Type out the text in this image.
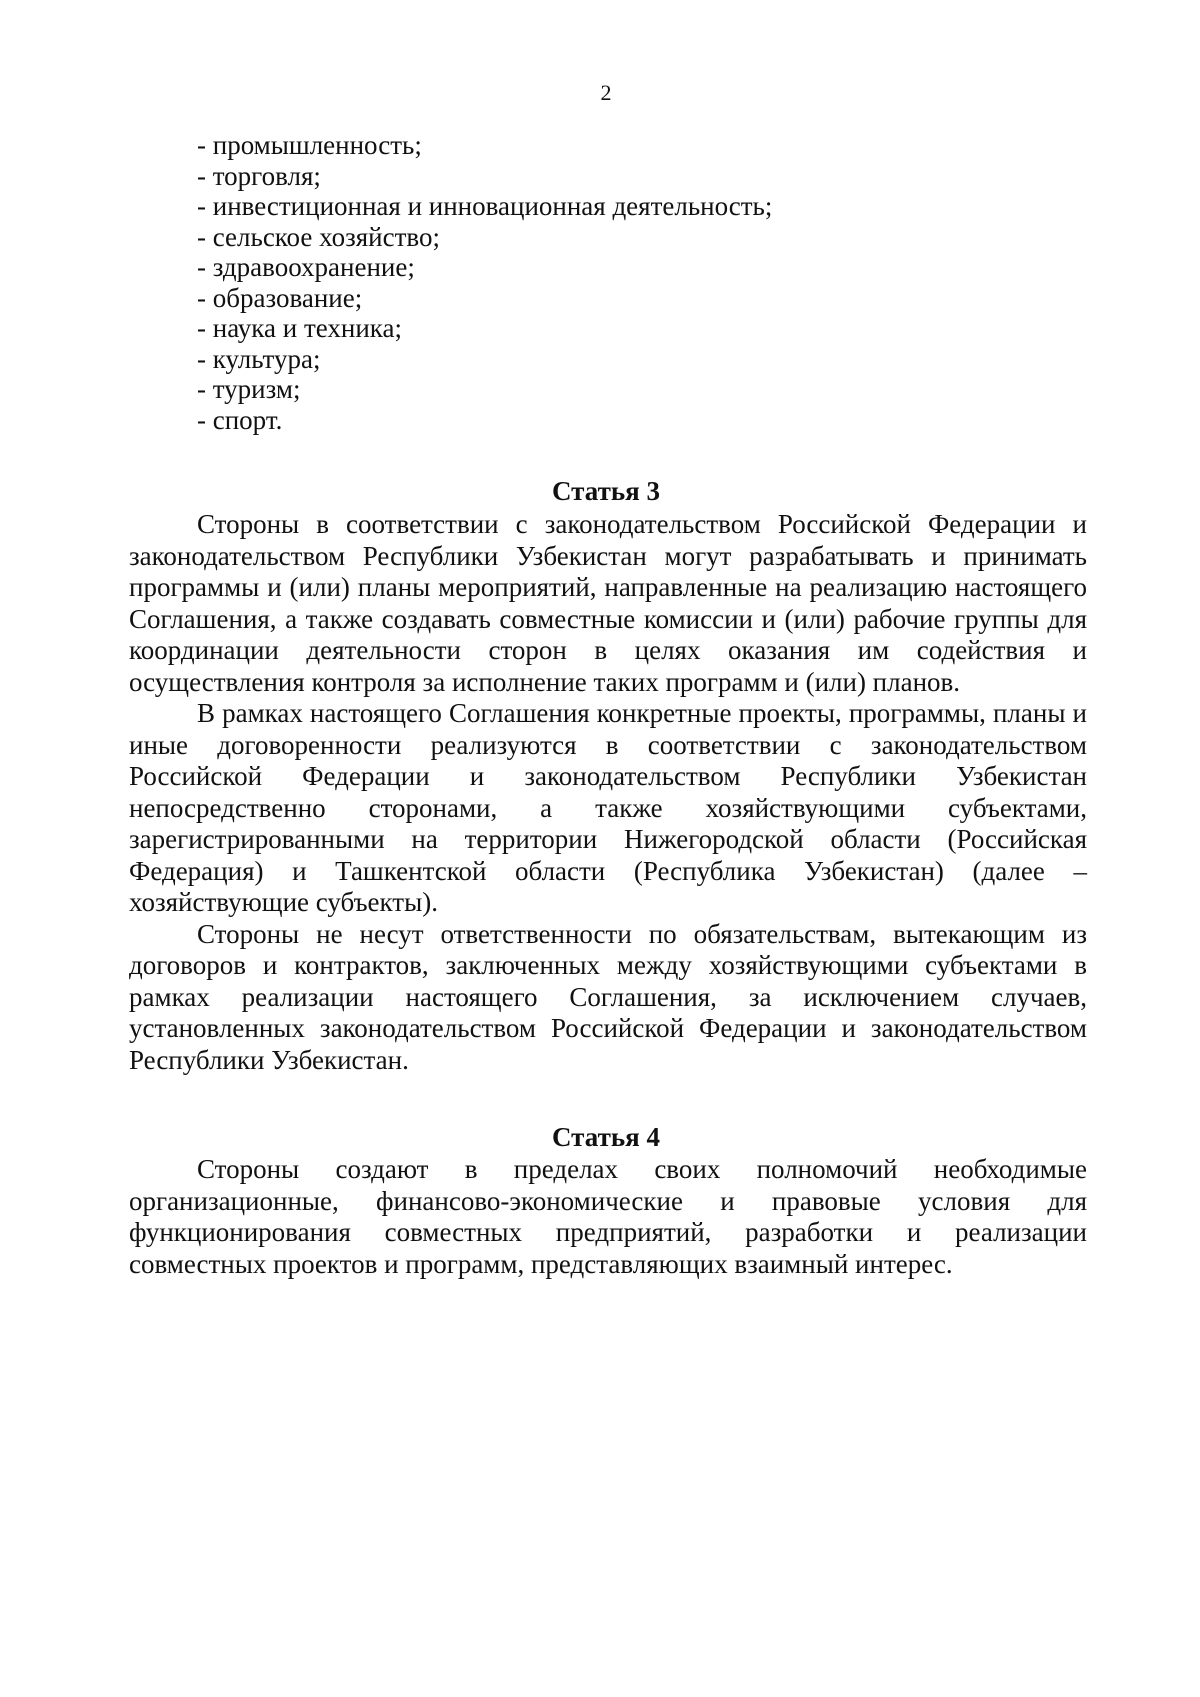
2
- промышленность;
- торговля;
- инвестиционная и инновационная деятельность;
- сельское хозяйство;
- здравоохранение;
- образование;
- наука и техника;
- культура;
- туризм;
- спорт.
Статья 3

Стороны в соответствии с законодательством Российской Федерации и законодательством Республики Узбекистан могут разрабатывать и принимать программы и (или) планы мероприятий, направленные на реализацию настоящего Соглашения, а также создавать совместные комиссии и (или) рабочие группы для координации деятельности сторон в целях оказания им содействия и осуществления контроля за исполнение таких программ и (или) планов.

В рамках настоящего Соглашения конкретные проекты, программы, планы и иные договоренности реализуются в соответствии с законодательством Российской Федерации и законодательством Республики Узбекистан непосредственно сторонами, а также хозяйствующими субъектами, зарегистрированными на территории Нижегородской области (Российская Федерация) и Ташкентской области (Республика Узбекистан) (далее – хозяйствующие субъекты).

Стороны не несут ответственности по обязательствам, вытекающим из договоров и контрактов, заключенных между хозяйствующими субъектами в рамках реализации настоящего Соглашения, за исключением случаев, установленных законодательством Российской Федерации и законодательством Республики Узбекистан.

Статья 4

Стороны создают в пределах своих полномочий необходимые организационные, финансово-экономические и правовые условия для функционирования совместных предприятий, разработки и реализации совместных проектов и программ, представляющих взаимный интерес.
